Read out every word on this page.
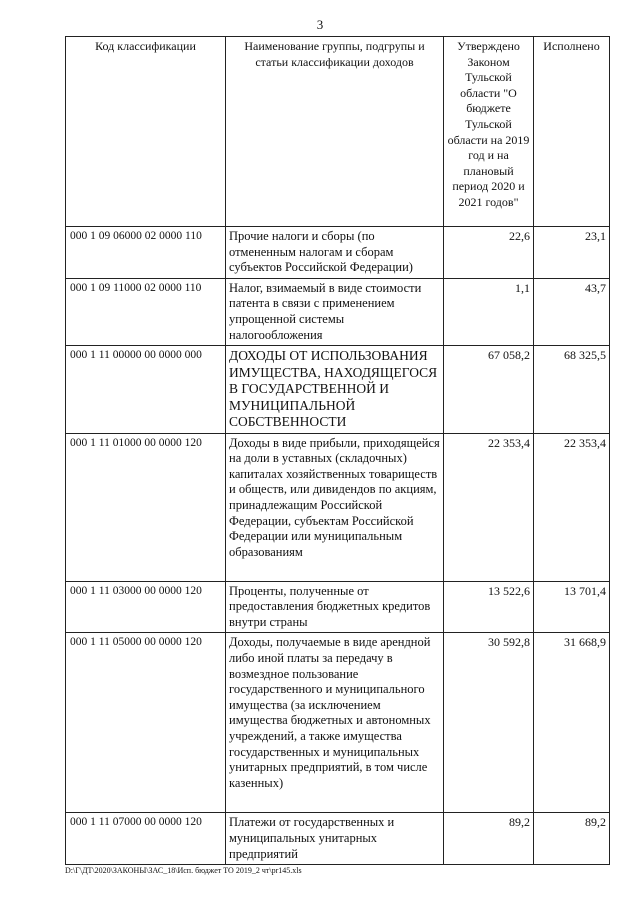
3
Код классификации	Наименование группы, подгрупы и статьи классификации доходов	Утверждено Законом Тульской области "О бюджете Тульской области на 2019 год и на плановый период 2020 и 2021 годов"	Исполнено
000 1 09 06000 02 0000 110	Прочие налоги и сборы (по отмененным налогам и сборам субъектов Российской Федерации)	22,6	23,1
000 1 09 11000 02 0000 110	Налог, взимаемый в виде стоимости патента в связи с применением упрощенной системы налогообложения	1,1	43,7
000 1 11 00000 00 0000 000	ДОХОДЫ ОТ ИСПОЛЬЗОВАНИЯ ИМУЩЕСТВА, НАХОДЯЩЕГОСЯ В ГОСУДАРСТВЕННОЙ И МУНИЦИПАЛЬНОЙ СОБСТВЕННОСТИ	67 058,2	68 325,5
000 1 11 01000 00 0000 120	Доходы в виде прибыли, приходящейся на доли в уставных (складочных) капиталах хозяйственных товариществ и обществ, или дивидендов по акциям, принадлежащим Российской Федерации, субъектам Российской Федерации или муниципальным образованиям	22 353,4	22 353,4
000 1 11 03000 00 0000 120	Проценты, полученные от предоставления бюджетных кредитов внутри страны	13 522,6	13 701,4
000 1 11 05000 00 0000 120	Доходы, получаемые в виде арендной либо иной платы за передачу в возмездное пользование государственного и муниципального имущества (за исключением имущества бюджетных и автономных учреждений, а также имущества государственных и муниципальных унитарных предприятий, в том числе казенных)	30 592,8	31 668,9
000 1 11 07000 00 0000 120	Платежи от государственных и муниципальных унитарных предприятий	89,2	89,2
D:\Г\ДТ\2020\ЗАКОНЫ\ЗАС_18\Исп. бюджет ТО 2019_2 чт\pr145.xls
